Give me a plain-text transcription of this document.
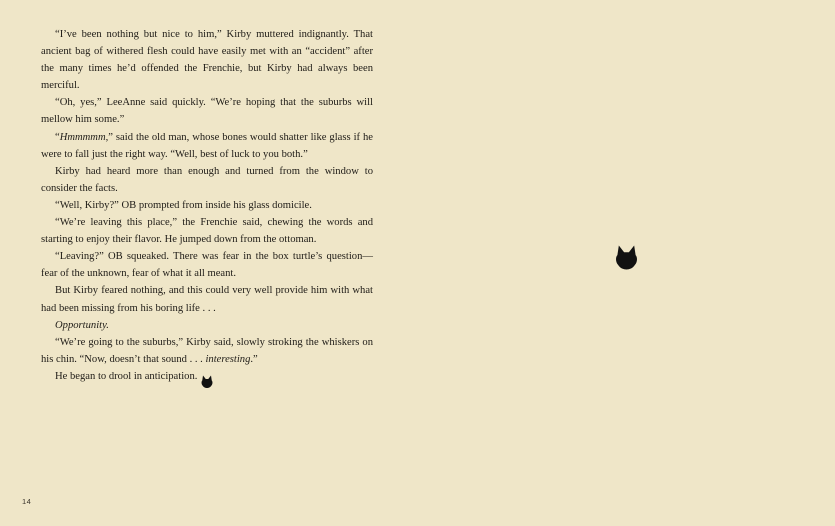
“I’ve been nothing but nice to him,” Kirby muttered indignantly. That ancient bag of withered flesh could have easily met with an “accident” after the many times he’d offended the Frenchie, but Kirby had always been merciful.

“Oh, yes,” LeeAnne said quickly. “We’re hoping that the suburbs will mellow him some.”

“Hmmmmm,” said the old man, whose bones would shatter like glass if he were to fall just the right way. “Well, best of luck to you both.”

Kirby had heard more than enough and turned from the window to consider the facts.

“Well, Kirby?” OB prompted from inside his glass domicile.

“We’re leaving this place,” the Frenchie said, chewing the words and starting to enjoy their flavor. He jumped down from the ottoman.

“Leaving?” OB squeaked. There was fear in the box turtle’s question—fear of the unknown, fear of what it all meant.

But Kirby feared nothing, and this could very well provide him with what had been missing from his boring life . . .

Opportunity.

“We’re going to the suburbs,” Kirby said, slowly stroking the whiskers on his chin. “Now, doesn’t that sound . . . interesting.”

He began to drool in anticipation.

14
